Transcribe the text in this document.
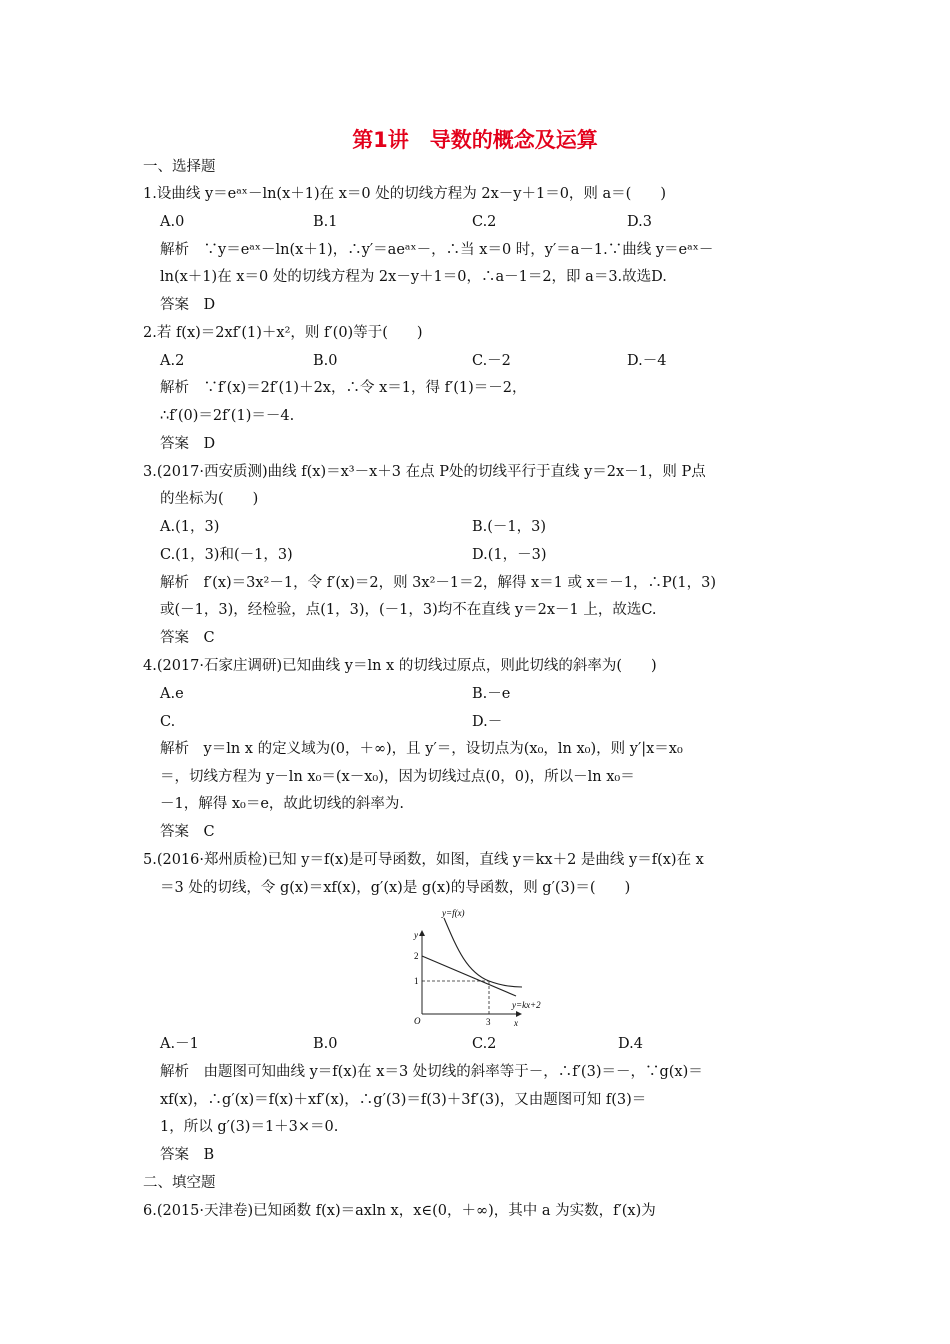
第1讲　导数的概念及运算
一、选择题
1.设曲线 y＝eᵃˣ－ln(x＋1)在 x＝0 处的切线方程为 2x－y＋1＝0，则 a＝(　　)
A.0	B.1	C.2	D.3
解析　∵y＝eᵃˣ－ln(x＋1)，∴y′＝aeᵃˣ－，∴当 x＝0 时，y′＝a－1.∵曲线 y＝eᵃˣ－
ln(x＋1)在 x＝0 处的切线方程为 2x－y＋1＝0，∴a－1＝2，即 a＝3.故选D.
答案　D
2.若 f(x)＝2xf′(1)＋x²，则 f′(0)等于(　　)
A.2	B.0	C.－2	D.－4
解析　∵f′(x)＝2f′(1)＋2x，∴令 x＝1，得 f′(1)＝－2，
∴f′(0)＝2f′(1)＝－4.
答案　D
3.(2017·西安质测)曲线 f(x)＝x³－x＋3 在点 P处的切线平行于直线 y＝2x－1，则 P点
的坐标为(　　)
A.(1，3)	B.(－1，3)
C.(1，3)和(－1，3)	D.(1，－3)
解析　f′(x)＝3x²－1，令 f′(x)＝2，则 3x²－1＝2，解得 x＝1 或 x＝－1，∴P(1，3)
或(－1，3)，经检验，点(1，3)，(－1，3)均不在直线 y＝2x－1 上，故选C.
答案　C
4.(2017·石家庄调研)已知曲线 y＝ln x 的切线过原点，则此切线的斜率为(　　)
A.e	B.－e
C.	D.－
解析　y＝ln x 的定义域为(0，＋∞)，且 y′＝，设切点为(x₀，ln x₀)，则 y′|x＝x₀
＝，切线方程为 y－ln x₀＝(x－x₀)，因为切线过点(0，0)，所以－ln x₀＝
－1，解得 x₀＝e，故此切线的斜率为.
答案　C
5.(2016·郑州质检)已知 y＝f(x)是可导函数，如图，直线 y＝kx＋2 是曲线 y＝f(x)在 x
＝3 处的切线，令 g(x)＝xf(x)，g′(x)是 g(x)的导函数，则 g′(3)＝(　　)
y=f(x)
y=kx+2
y
x
O
2
1
3
A.－1	B.0	C.2	D.4
解析　由题图可知曲线 y＝f(x)在 x＝3 处切线的斜率等于－，∴f′(3)＝－，∵g(x)＝
xf(x)，∴g′(x)＝f(x)＋xf′(x)，∴g′(3)＝f(3)＋3f′(3)，又由题图可知 f(3)＝
1，所以 g′(3)＝1＋3×＝0.
答案　B
二、填空题
6.(2015·天津卷)已知函数 f(x)＝axln x，x∈(0，＋∞)，其中 a 为实数，f′(x)为
